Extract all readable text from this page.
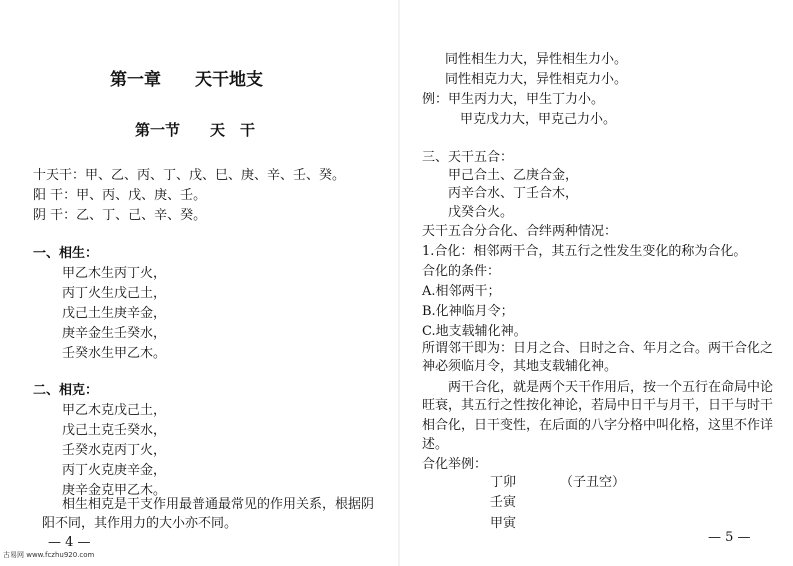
第一章　　天干地支
第一节　　天　干
十天干：甲、乙、丙、丁、戊、巳、庚、辛、壬、癸。
阳 干：甲、丙、戊、庚、壬。
阴 干：乙、丁、己、辛、癸。
一、相生：
甲乙木生丙丁火，
丙丁火生戊己土，
戊己土生庚辛金，
庚辛金生壬癸水，
壬癸水生甲乙木。
二、相克：
甲乙木克戊己土，
戊己土克壬癸水，
壬癸水克丙丁火，
丙丁火克庚辛金，
庚辛金克甲乙木。
相生相克是干支作用最普通最常见的作用关系，根据阴
阳不同，其作用力的大小亦不同。
— 4 —
同性相生力大，异性相生力小。
同性相克力大，异性相克力小。
例：甲生丙力大，甲生丁力小。
甲克戊力大，甲克己力小。
三、天干五合：
甲己合土、乙庚合金，
丙辛合水、丁壬合木，
戊癸合火。
天干五合分合化、合绊两种情况：
1.合化：相邻两干合，其五行之性发生变化的称为合化。
合化的条件：
A.相邻两干；
B.化神临月令；
C.地支载辅化神。
所谓邻干即为：日月之合、日时之合、年月之合。两干合化之
神必须临月令，其地支载辅化神。
两干合化，就是两个天干作用后，按一个五行在命局中论
旺衰，其五行之性按化神论，若局中日干与月干，日干与时干
相合化，日干变性，在后面的八字分格中叫化格，这里不作详
述。
合化举例：
丁卯	（子丑空）
壬寅
甲寅
— 5 —
古易网 www.fczhu920.com
